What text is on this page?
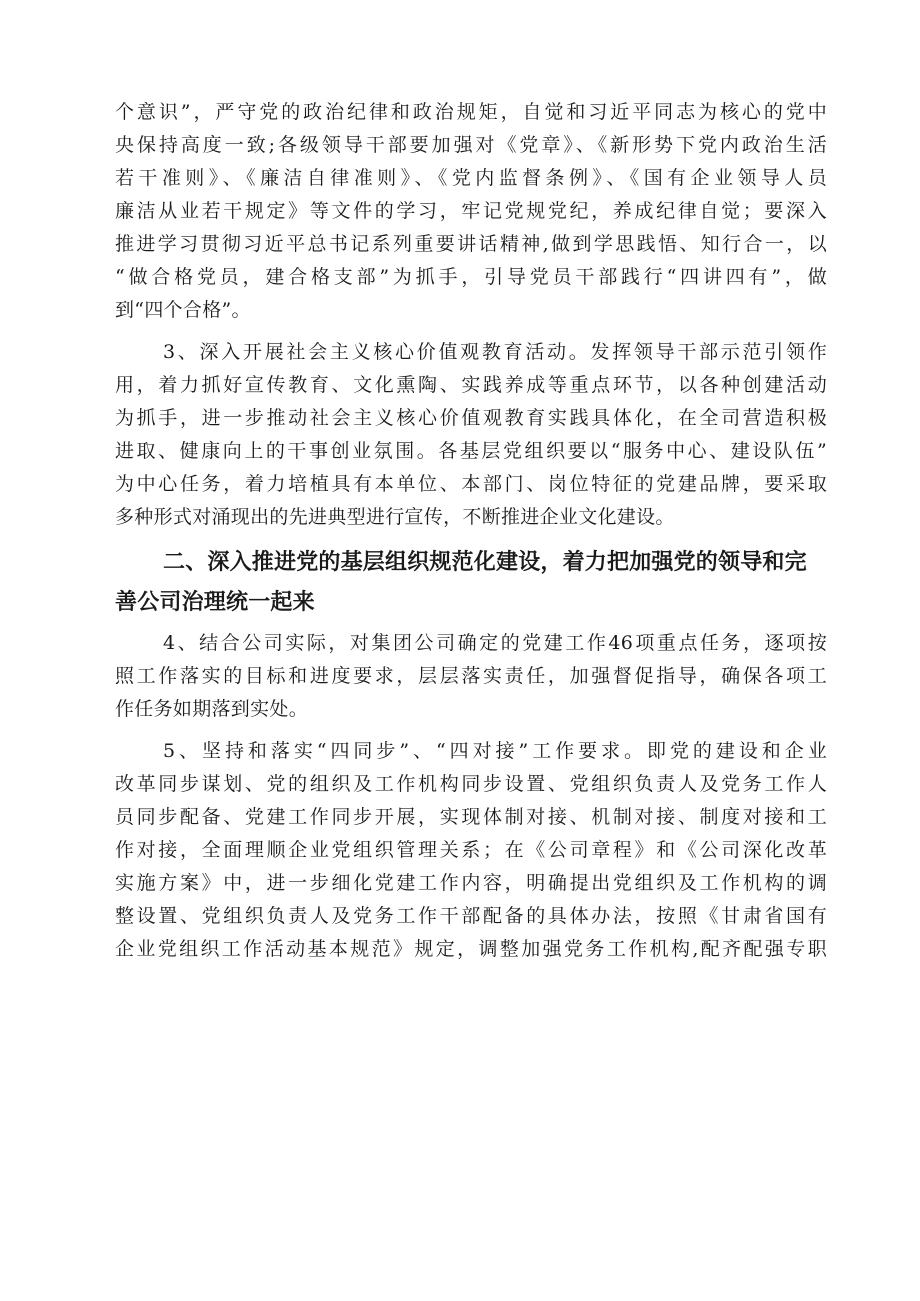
个意识”，严守党的政治纪律和政治规矩，自觉和习近平同志为核心的党中
央保持高度一致;各级领导干部要加强对《党章》、《新形势下党内政治生活
若干准则》、《廉洁自律准则》、《党内监督条例》、《国有企业领导人员
廉洁从业若干规定》等文件的学习，牢记党规党纪，养成纪律自觉；要深入
推进学习贯彻习近平总书记系列重要讲话精神,做到学思践悟、知行合一，以
“做合格党员，建合格支部”为抓手，引导党员干部践行“四讲四有”，做
到“四个合格”。
3、深入开展社会主义核心价值观教育活动。发挥领导干部示范引领作
用，着力抓好宣传教育、文化熏陶、实践养成等重点环节，以各种创建活动
为抓手，进一步推动社会主义核心价值观教育实践具体化，在全司营造积极
进取、健康向上的干事创业氛围。各基层党组织要以“服务中心、建设队伍”
为中心任务，着力培植具有本单位、本部门、岗位特征的党建品牌，要采取
多种形式对涌现出的先进典型进行宣传，不断推进企业文化建设。
二、深入推进党的基层组织规范化建设，着力把加强党的领导和完
善公司治理统一起来
4、结合公司实际，对集团公司确定的党建工作46项重点任务，逐项按
照工作落实的目标和进度要求，层层落实责任，加强督促指导，确保各项工
作任务如期落到实处。
5、坚持和落实“四同步”、“四对接”工作要求。即党的建设和企业
改革同步谋划、党的组织及工作机构同步设置、党组织负责人及党务工作人
员同步配备、党建工作同步开展，实现体制对接、机制对接、制度对接和工
作对接，全面理顺企业党组织管理关系；在《公司章程》和《公司深化改革
实施方案》中，进一步细化党建工作内容，明确提出党组织及工作机构的调
整设置、党组织负责人及党务工作干部配备的具体办法，按照《甘肃省国有
企业党组织工作活动基本规范》规定，调整加强党务工作机构,配齐配强专职
